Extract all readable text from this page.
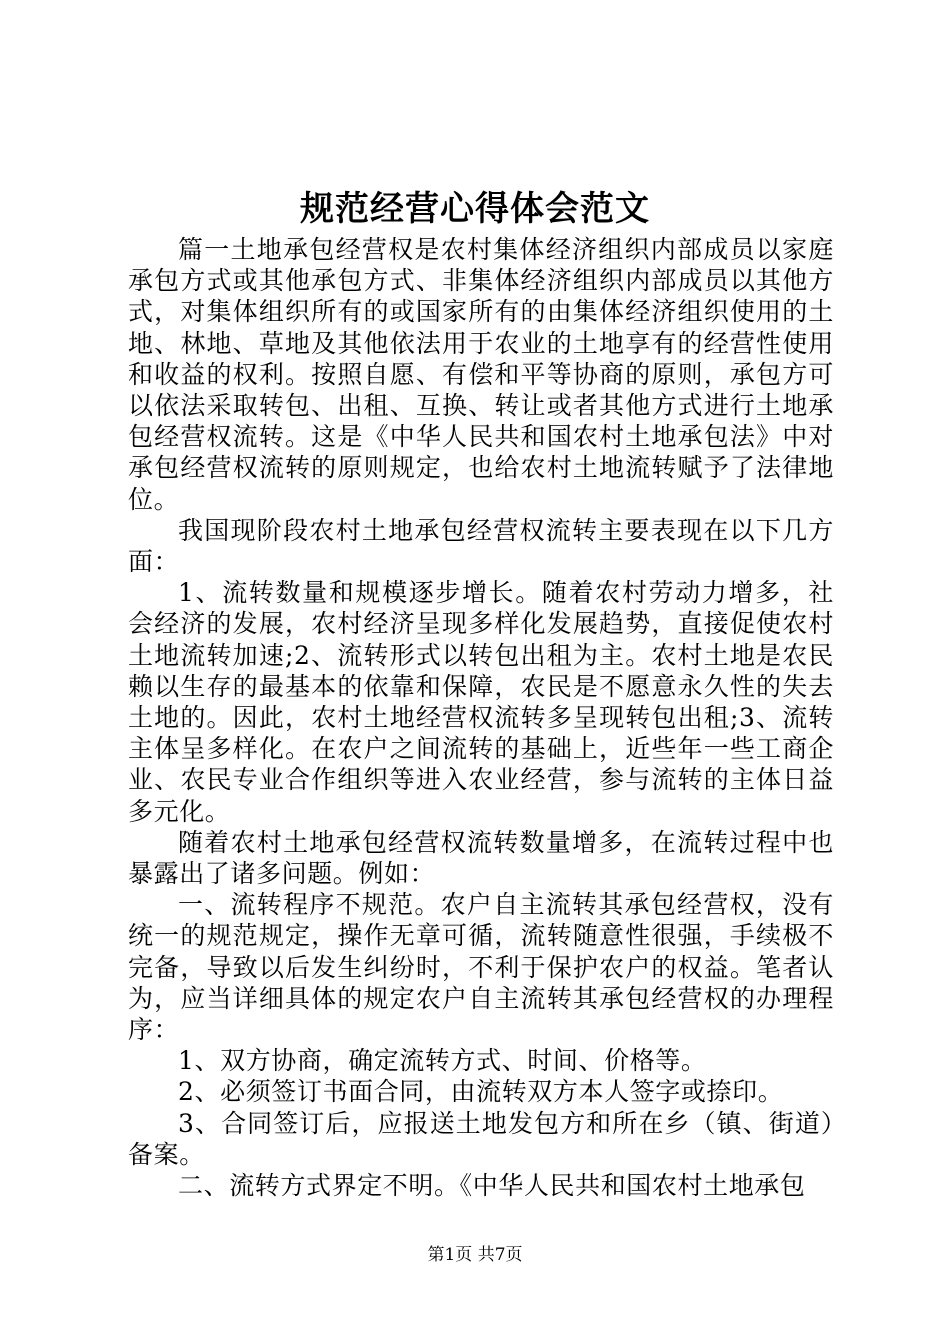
规范经营心得体会范文

篇一土地承包经营权是农村集体经济组织内部成员以家庭承包方式或其他承包方式、非集体经济组织内部成员以其他方式，对集体组织所有的或国家所有的由集体经济组织使用的土地、林地、草地及其他依法用于农业的土地享有的经营性使用和收益的权利。按照自愿、有偿和平等协商的原则，承包方可以依法采取转包、出租、互换、转让或者其他方式进行土地承包经营权流转。这是《中华人民共和国农村土地承包法》中对承包经营权流转的原则规定，也给农村土地流转赋予了法律地位。

我国现阶段农村土地承包经营权流转主要表现在以下几方面：

1、流转数量和规模逐步增长。随着农村劳动力增多，社会经济的发展，农村经济呈现多样化发展趋势，直接促使农村土地流转加速;2、流转形式以转包出租为主。农村土地是农民赖以生存的最基本的依靠和保障，农民是不愿意永久性的失去土地的。因此，农村土地经营权流转多呈现转包出租;3、流转主体呈多样化。在农户之间流转的基础上，近些年一些工商企业、农民专业合作组织等进入农业经营，参与流转的主体日益多元化。

随着农村土地承包经营权流转数量增多，在流转过程中也暴露出了诸多问题。例如：

一、流转程序不规范。农户自主流转其承包经营权，没有统一的规范规定，操作无章可循，流转随意性很强，手续极不完备，导致以后发生纠纷时，不利于保护农户的权益。笔者认为，应当详细具体的规定农户自主流转其承包经营权的办理程序：

1、双方协商，确定流转方式、时间、价格等。

2、必须签订书面合同，由流转双方本人签字或捺印。

3、合同签订后，应报送土地发包方和所在乡（镇、街道）备案。

二、流转方式界定不明。《中华人民共和国农村土地承包

第1页 共7页
